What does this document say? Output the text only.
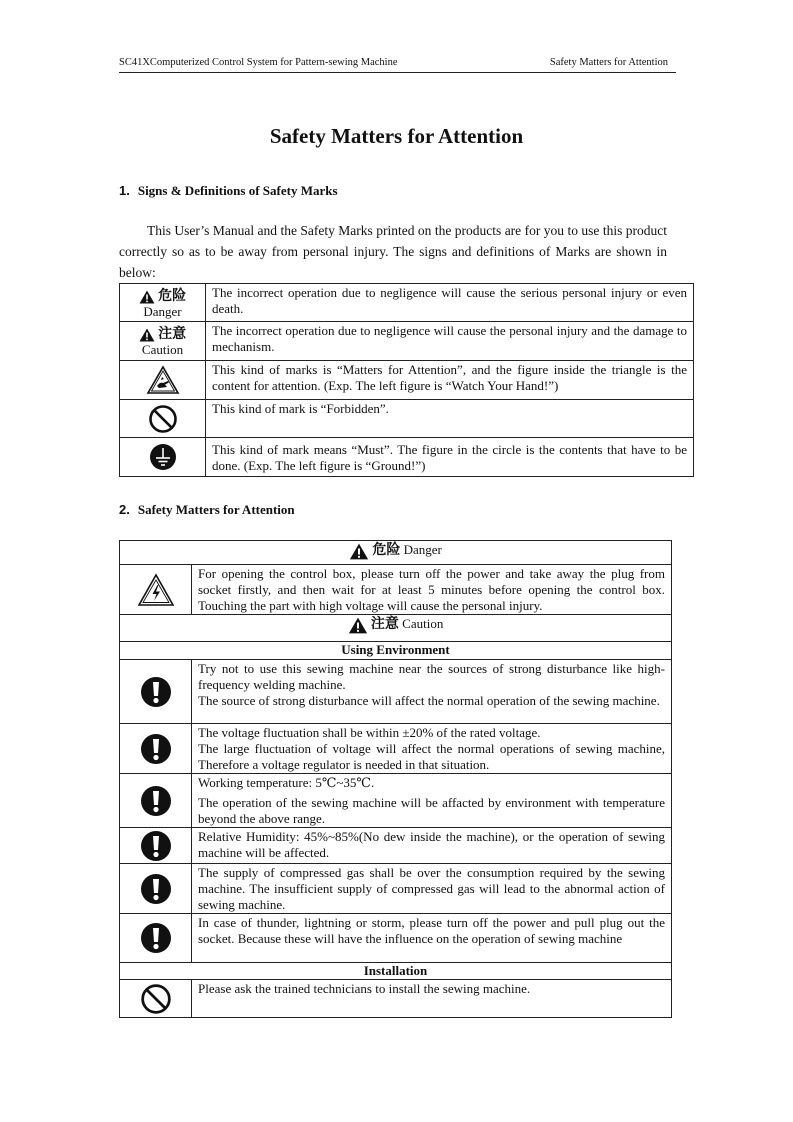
SC41XComputerized Control System for Pattern-sewing Machine	Safety Matters for Attention
Safety Matters for Attention
1. Signs & Definitions of Safety Marks
This User’s Manual and the Safety Marks printed on the products are for you to use this product correctly so as to be away from personal injury. The signs and definitions of Marks are shown in below:
危险
Danger	The incorrect operation due to negligence will cause the serious personal injury or even death.

注意
Caution	The incorrect operation due to negligence will cause the personal injury and the damage to mechanism.
	This kind of marks is “Matters for Attention”, and the figure inside the triangle is the content for attention. (Exp. The left figure is “Watch Your Hand!”)
	This kind of mark is “Forbidden”.
	This kind of mark means “Must”. The figure in the circle is the contents that have to be done. (Exp. The left figure is “Ground!”)
2. Safety Matters for Attention
危险 Danger	
	For opening the control box, please turn off the power and take away the plug from socket firstly, and then wait for at least 5 minutes before opening the control box. Touching the part with high voltage will cause the personal injury.
注意 Caution	
Using Environment	

Try not to use this sewing machine near the sources of strong disturbance like high-frequency welding machine.
The source of strong disturbance will affect the normal operation of the sewing machine.

The voltage fluctuation shall be within ±20% of the rated voltage.
The large fluctuation of voltage will affect the normal operations of sewing machine, Therefore a voltage regulator is needed in that situation.

Working temperature: 5℃~35℃.
The operation of the sewing machine will be affacted by environment with temperature beyond the above range.

Relative Humidity: 45%~85%(No dew inside the machine), or the operation of sewing machine will be affected.

The supply of compressed gas shall be over the consumption required by the sewing machine. The insufficient supply of compressed gas will lead to the abnormal action of sewing machine.

In case of thunder, lightning or storm, please turn off the power and pull plug out the socket. Because these will have the influence on the operation of sewing machine

Installation	
	Please ask the trained technicians to install the sewing machine.
